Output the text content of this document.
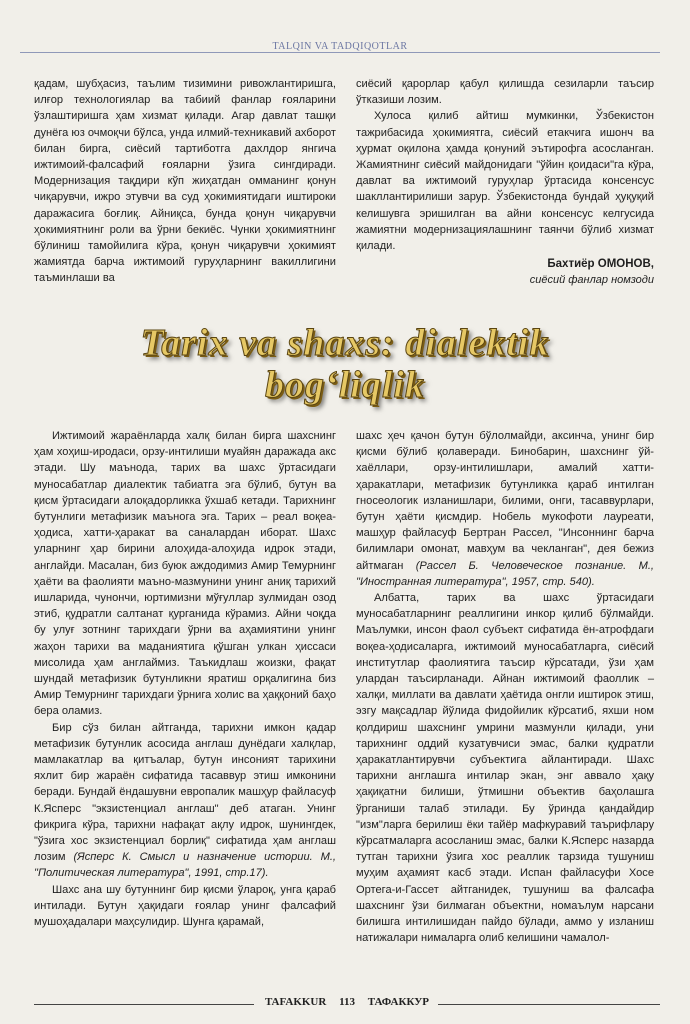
TALQIN VA TADQIQOTLAR

қадам, шубҳасиз, таълим тизимини ривожлантиришга, илғор технологиялар ва табиий фанлар ғояларини ўзлаштиришга ҳам хизмат қилади. Агар давлат ташқи дунёга юз очмоқчи бўлса, унда илмий-техникавий ахборот билан бирга, сиёсий тартиботга дахлдор янгича ижтимоий-фалсафий ғояларни ўзига сингдиради. Модернизация тақдири кўп жиҳатдан омманинг қонун чиқарувчи, ижро этувчи ва суд ҳокимиятидаги иштироки даражасига боғлиқ. Айниқса, бунда қонун чиқарувчи ҳокимиятнинг роли ва ўрни бекиёс. Чунки ҳокимиятнинг бўлиниш тамойилига кўра, қонун чиқарувчи ҳокимият жамиятда барча ижтимоий гуруҳларнинг вакиллигини таъминлаши ва

сиёсий қарорлар қабул қилишда сезиларли таъсир ўтказиши лозим.

Хулоса қилиб айтиш мумкинки, Ўзбекистон тажрибасида ҳокимиятга, сиёсий етакчига ишонч ва ҳурмат оқилона ҳамда қонуний эътирофга асосланган. Жамиятнинг сиёсий майдонидаги "ўйин қоидаси"га кўра, давлат ва ижтимоий гуруҳлар ўртасида консенсус шакллантирилиши зарур. Ўзбекистонда бундай ҳуқуқий келишувга эришилган ва айни консенсус келгусида жамиятни модернизациялашнинг таянчи бўлиб хизмат қилади.

Бахтиёр ОМОНОВ,
сиёсий фанлар номзоди
Tarix va shaxs: dialektik
bog‘liqlik

Ижтимоий жараёнларда халқ билан бирга шахснинг ҳам хоҳиш-иродаси, орзу-интилиши муайян даражада акс этади. Шу маънода, тарих ва шахс ўртасидаги муносабатлар диалектик табиатга эга бўлиб, бутун ва қисм ўртасидаги алоқадорликка ўхшаб кетади. Тарихнинг бутунлиги метафизик маънога эга. Тарих – реал воқеа-ҳодиса, хатти-ҳаракат ва саналардан иборат. Шахс уларнинг ҳар бирини алоҳида-алоҳида идрок этади, англайди. Масалан, биз буюк аждодимиз Амир Темурнинг ҳаёти ва фаолияти маъно-мазмунини унинг аниқ тарихий ишларида, чунончи, юртимизни мўғуллар зулмидан озод этиб, қудратли салтанат қурганида кўрамиз. Айни чоқда бу улуғ зотнинг тарихдаги ўрни ва аҳамиятини унинг жаҳон тарихи ва маданиятига қўшган улкан ҳиссаси мисолида ҳам англаймиз. Таъкидлаш жоизки, фақат шундай метафизик бутунликни яратиш орқалигина биз Амир Темурнинг тарихдаги ўрнига холис ва ҳаққоний баҳо бера оламиз.

Бир сўз билан айтганда, тарихни имкон қадар метафизик бутунлик асосида англаш дунёдаги халқлар, мамлакатлар ва қитъалар, бутун инсоният тарихини яхлит бир жараён сифатида тасаввур этиш имконини беради. Бундай ёндашувни европалик машҳур файласуф К.Ясперс "экзистенциал англаш" деб атаган. Унинг фикрига кўра, тарихни нафақат ақлу идрок, шунингдек, "ўзига хос экзистенциал борлиқ" сифатида ҳам англаш лозим (Ясперс К. Смысл и назначение истории. М., "Политическая литература", 1991, стр.17).

Шахс ана шу бутуннинг бир қисми ўлароқ, унга қараб интилади. Бутун ҳақидаги ғоялар унинг фалсафий мушоҳадалари маҳсулидир. Шунга қарамай,

шахс ҳеч қачон бутун бўлолмайди, аксинча, унинг бир қисми бўлиб қолаверади. Бинобарин, шахснинг ўй-хаёллари, орзу-интилишлари, амалий хатти-ҳаракатлари, метафизик бутунликка қараб интилган гносеологик изланишлари, билими, онги, тасаввурлари, бутун ҳаёти қисмдир. Нобель мукофоти лауреати, машҳур файласуф Бертран Рассел, "Инсоннинг барча билимлари омонат, мавҳум ва чекланган", дея бежиз айтмаган (Рассел Б. Человеческое познание. М., "Иностранная литература", 1957, стр. 540).

Албатта, тарих ва шахс ўртасидаги муносабатларнинг реаллигини инкор қилиб бўлмайди. Маълумки, инсон фаол субъект сифатида ён-атрофдаги воқеа-ҳодисаларга, ижтимоий муносабатларга, сиёсий институтлар фаолиятига таъсир кўрсатади, ўзи ҳам улардан таъсирланади. Айнан ижтимоий фаоллик – халқи, миллати ва давлати ҳаётида онгли иштирок этиш, эзгу мақсадлар йўлида фидойилик кўрсатиб, яхши ном қолдириш шахснинг умрини мазмунли қилади, уни тарихнинг оддий кузатувчиси эмас, балки қудратли ҳаракатлантирувчи субъектига айлантиради. Шахс тарихни англашга интилар экан, энг аввало ҳақу ҳақиқатни билиши, ўтмишни объектив баҳолашга ўрганиши талаб этилади. Бу ўринда қандайдир "изм"ларга берилиш ёки тайёр мафкуравий таърифлару кўрсатмаларга асосланиш эмас, балки К.Ясперс назарда тутган тарихни ўзига хос реаллик тарзида тушуниш муҳим аҳамият касб этади. Испан файласуфи Хосе Ортега-и-Гассет айтганидек, тушуниш ва фалсафа шахснинг ўзи билмаган объектни, номаълум нарсани билишга интилишидан пайдо бўлади, аммо у изланиш натижалари нималарга олиб келишини чамалол-

TAFAKKUR 113 ТАФАККУР
